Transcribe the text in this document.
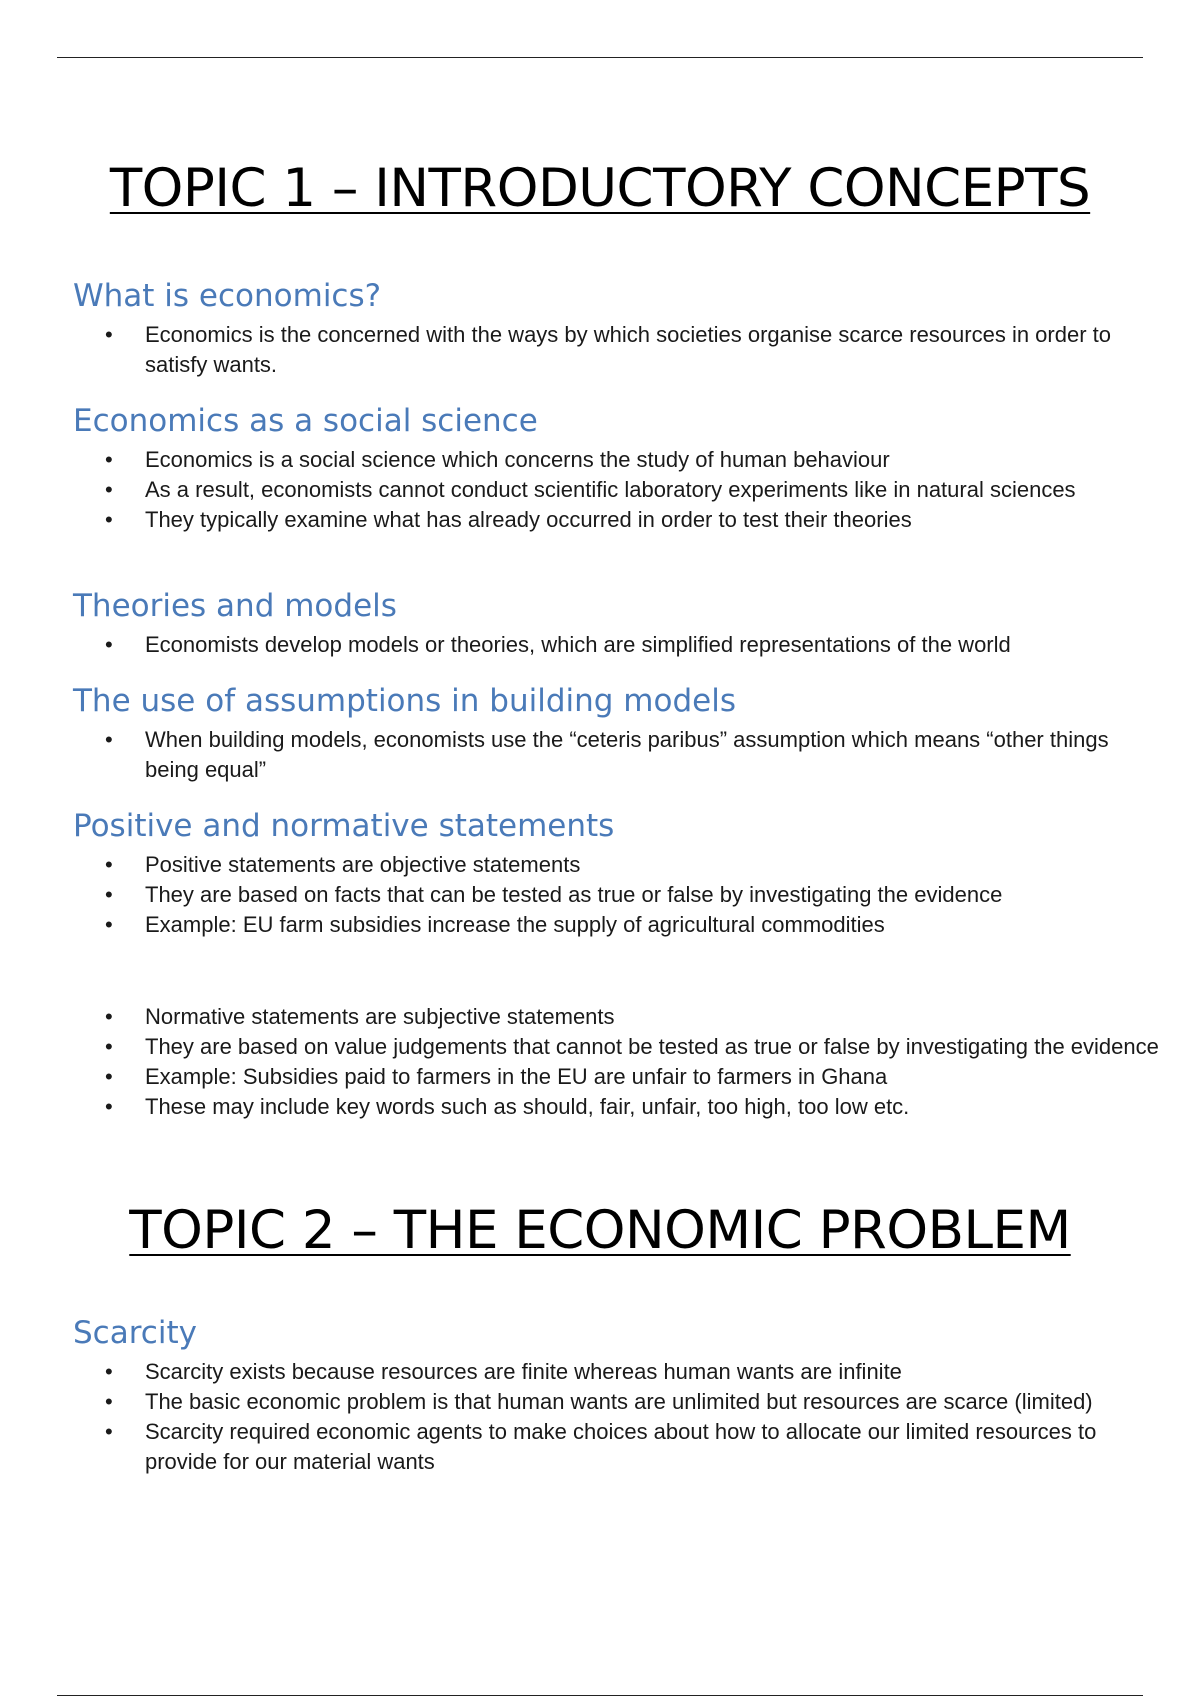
TOPIC 1 – INTRODUCTORY CONCEPTS
What is economics?
• Economics is the concerned with the ways by which societies organise scarce resources in order to satisfy wants.
Economics as a social science
• Economics is a social science which concerns the study of human behaviour
• As a result, economists cannot conduct scientific laboratory experiments like in natural sciences
• They typically examine what has already occurred in order to test their theories
Theories and models
• Economists develop models or theories, which are simplified representations of the world
The use of assumptions in building models
• When building models, economists use the “ceteris paribus” assumption which means “other things being equal”
Positive and normative statements
• Positive statements are objective statements
• They are based on facts that can be tested as true or false by investigating the evidence
• Example: EU farm subsidies increase the supply of agricultural commodities
• Normative statements are subjective statements
• They are based on value judgements that cannot be tested as true or false by investigating the evidence
• Example: Subsidies paid to farmers in the EU are unfair to farmers in Ghana
• These may include key words such as should, fair, unfair, too high, too low etc.
TOPIC 2 – THE ECONOMIC PROBLEM
Scarcity
• Scarcity exists because resources are finite whereas human wants are infinite
• The basic economic problem is that human wants are unlimited but resources are scarce (limited)
• Scarcity required economic agents to make choices about how to allocate our limited resources to provide for our material wants
